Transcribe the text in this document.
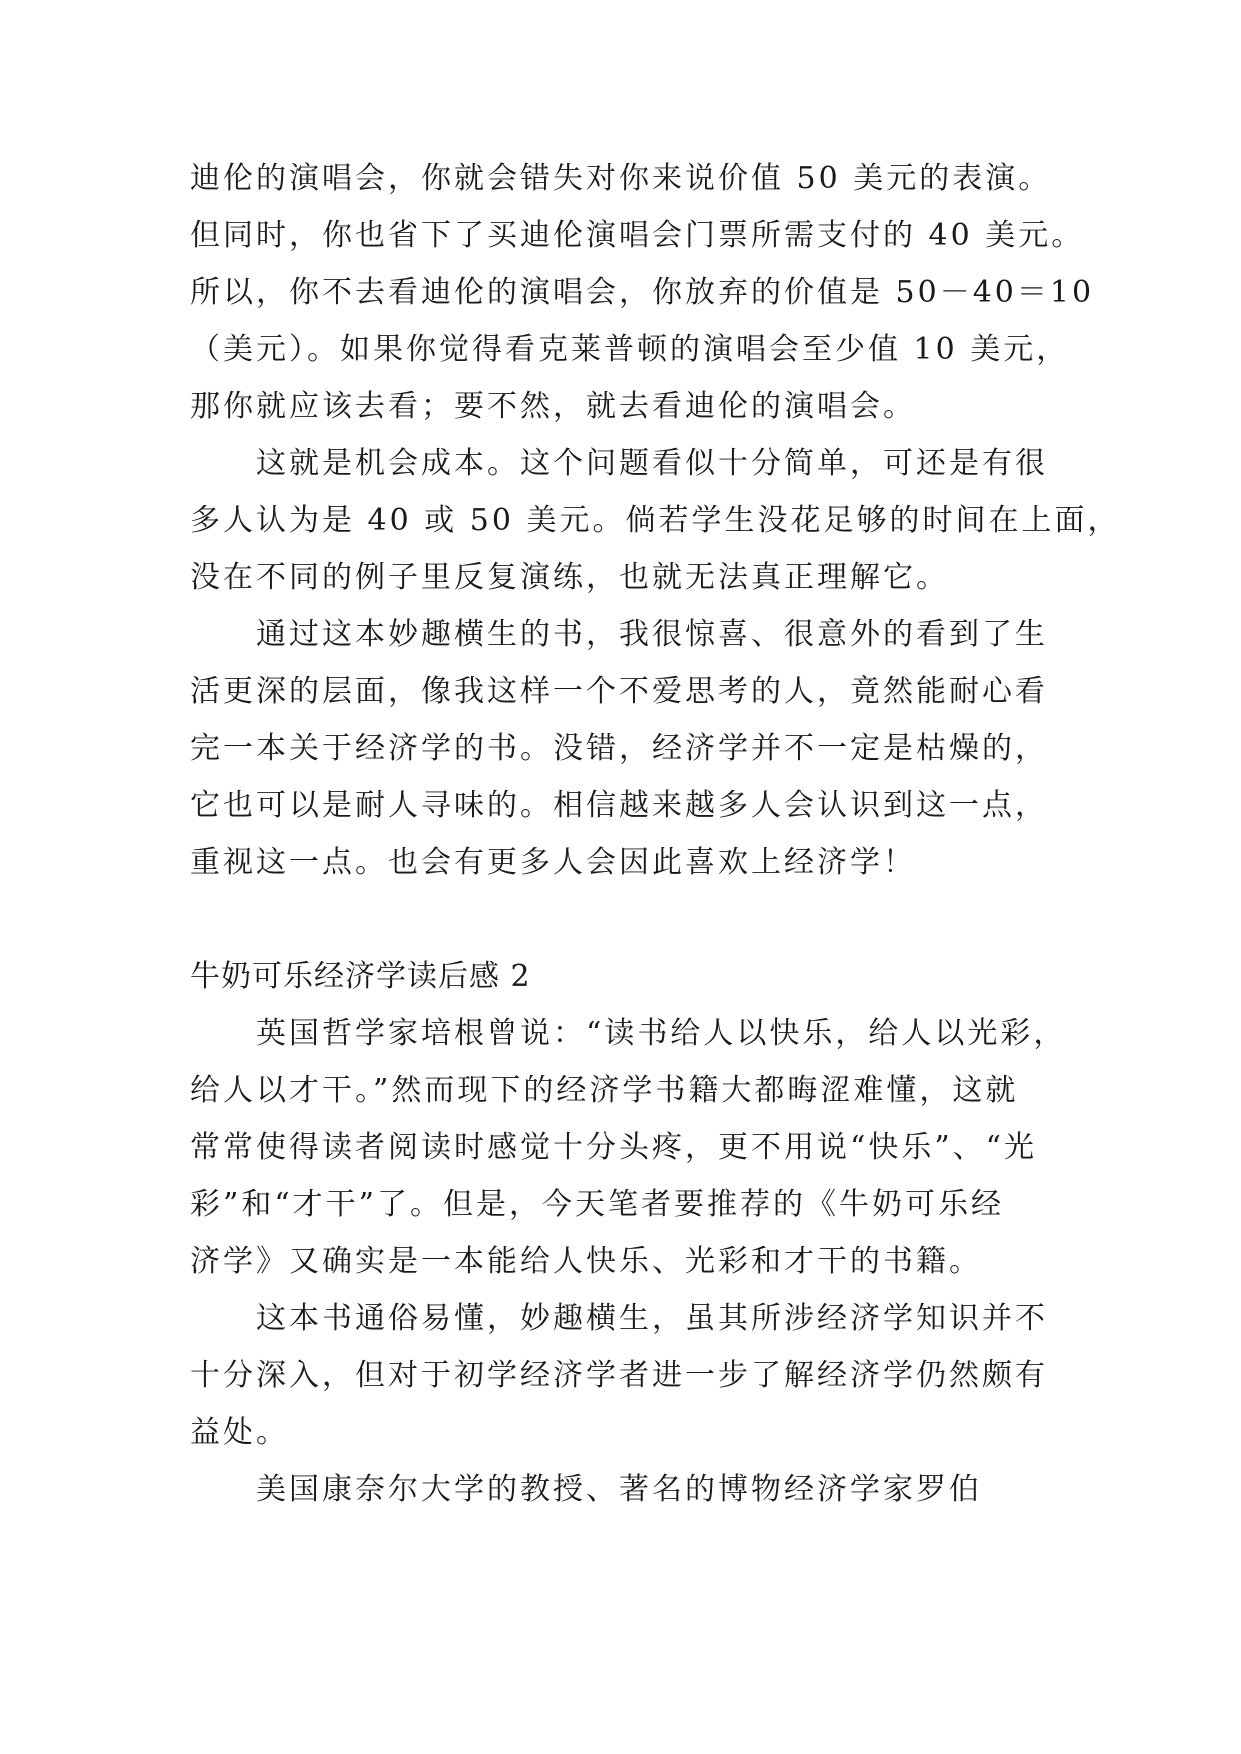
迪伦的演唱会，你就会错失对你来说价值 50 美元的表演。
但同时，你也省下了买迪伦演唱会门票所需支付的 40 美元。
所以，你不去看迪伦的演唱会，你放弃的价值是 50－40＝10
（美元）。如果你觉得看克莱普顿的演唱会至少值 10 美元，
那你就应该去看；要不然，就去看迪伦的演唱会。
这就是机会成本。这个问题看似十分简单，可还是有很
多人认为是 40 或 50 美元。倘若学生没花足够的时间在上面，
没在不同的例子里反复演练，也就无法真正理解它。
通过这本妙趣横生的书，我很惊喜、很意外的看到了生
活更深的层面，像我这样一个不爱思考的人，竟然能耐心看
完一本关于经济学的书。没错，经济学并不一定是枯燥的，
它也可以是耐人寻味的。相信越来越多人会认识到这一点，
重视这一点。也会有更多人会因此喜欢上经济学！
牛奶可乐经济学读后感 2
英国哲学家培根曾说：“读书给人以快乐，给人以光彩，
给人以才干。”然而现下的经济学书籍大都晦涩难懂，这就
常常使得读者阅读时感觉十分头疼，更不用说“快乐”、“光
彩”和“才干”了。但是，今天笔者要推荐的《牛奶可乐经
济学》又确实是一本能给人快乐、光彩和才干的书籍。
这本书通俗易懂，妙趣横生，虽其所涉经济学知识并不
十分深入，但对于初学经济学者进一步了解经济学仍然颇有
益处。
美国康奈尔大学的教授、著名的博物经济学家罗伯
